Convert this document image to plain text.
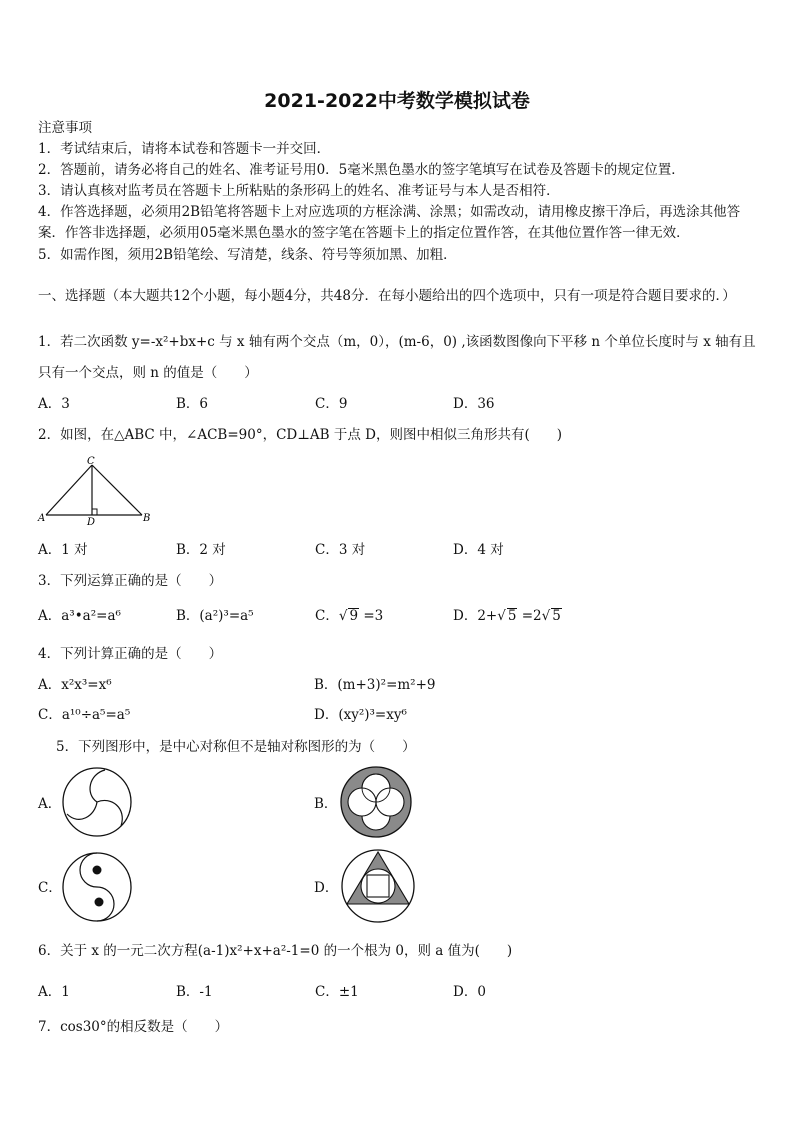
2021-2022中考数学模拟试卷
注意事项
1．考试结束后，请将本试卷和答题卡一并交回．
2．答题前，请务必将自己的姓名、准考证号用0．5毫米黑色墨水的签字笔填写在试卷及答题卡的规定位置．
3．请认真核对监考员在答题卡上所粘贴的条形码上的姓名、准考证号与本人是否相符．
4．作答选择题，必须用2B铅笔将答题卡上对应选项的方框涂满、涂黑；如需改动，请用橡皮擦干净后，再选涂其他答案．作答非选择题，必须用05毫米黑色墨水的签字笔在答题卡上的指定位置作答，在其他位置作答一律无效．
5．如需作图，须用2B铅笔绘、写清楚，线条、符号等须加黑、加粗．
一、选择题（本大题共12个小题，每小题4分，共48分．在每小题给出的四个选项中，只有一项是符合题目要求的．）
1．若二次函数 y=-x²+bx+c 与 x 轴有两个交点（m，0），(m-6，0) ,该函数图像向下平移 n 个单位长度时与 x 轴有且
只有一个交点，则 n 的值是（　　）
A．3	B．6	C．9	D．36
2．如图，在△ABC 中，∠ACB=90°，CD⊥AB 于点 D，则图中相似三角形共有(　　)
A	B
C
D
A．1 对	B．2 对	C．3 对	D．4 对
3．下列运算正确的是（　　）
A．a³•a²=a⁶	B．(a²)³=a⁵	C．√ 9 =3	D．2+√ 5 =2√ 5
4．下列计算正确的是（　　）
A．x²x³=x⁶	B．(m+3)²=m²+9
C．a¹⁰÷a⁵=a⁵	D．(xy²)³=xy⁶
5．下列图形中，是中心对称但不是轴对称图形的为（　　）
A．	B．
C．	D．
6．关于 x 的一元二次方程(a-1)x²+x+a²-1=0 的一个根为 0，则 a 值为(　　)
A．1	B．-1	C．±1	D．0
7．cos30°的相反数是（　　）
